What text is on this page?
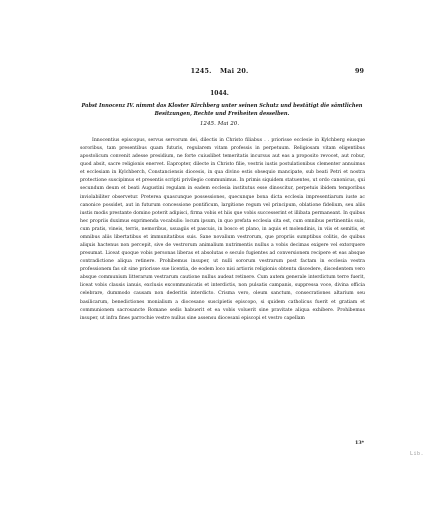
1245. Mai 20.	99
1044.
Pabst Innocenz IV. nimmt das Kloster Kirchberg unter seinen Schutz und bestätigt die sämtlichen Besitzungen, Rechte und Freiheiten desselben.
1245. Mai 20.

Innocentius episcopus, servus servorum dei, dilectis in Christo filiabus . . priorisse ecclesie in Kylchberg eiusque sororibus, tam presentibus quam futuris, regularem vitam professis in perpetuum. Religiosam vitam eligentibus apostolicum convenit adesse presidium, ne forte cuiuslibet temeritatis incursus aut eas a proposito revocet, aut robur, quod absit, sacre religionis enervet. Eapropter, dilecte in Christo filie, vestris iustis postulationibus clementer annuimus et ecclesiam in Kylchberch, Constanciensis diocesis, in qua divino estis obsequio mancipate, sub beati Petri et nostra protectione suscipimus et presentis scripti privilegio communimus. In primis siquidem statuentes, ut ordo canonicus, qui secundum deum et beati Augustini regulam in eadem ecclesia institutus esse dinoscitur, perpetuis ibidem temporibus inviolabiliter observetur. Preterea quascunque possessiones, quecunque bona dicta ecclesia impresentiarum iuste ac canonice possidet, aut in futurum concessione pontificum, largitione regum vel principum, oblatione fidelium, seu aliis iustis modis prestante domino poterit adipisci, firma vobis et hiis que vobis successerint et illibata permaneant. In quibus hec propriis duximus exprimenda vocabulis: locum ipsum, in quo prefata ecclesia sita est, cum omnibus pertinentiis suis, cum pratis, vineis, terris, nemoribus, usuagiis et pascuis, in bosco et plano, in aquis et molendinis, in viis et semitis, et omnibus aliis libertatibus et immunitatibus suis. Sane novalium vestrorum, que propriis sumptibus colitis, de quibus aliquis hactenus non percepit, sive de vestrorum animalium nutrimentis nullus a vobis decimas exigere vel extorquere presumat. Liceat quoque vobis personas liberas et absolutas e seculo fugientes ad conversionem recipere et eas absque contradictione aliqua retinere. Prohibemus insuper, ut nulli sororum vestrarum post factam in ecclesia vestra professionem fas sit sine priorisse sue licentia, de eodem loco nisi artioris religionis obtentu discedere, discedentem vero absque communium litterarum vestrarum cautione nullus audeat retinere. Cum autem generale interdictum terre fuerit, liceat vobis clausis ianuis, exclusis excommunicatis et interdictis, non pulsatis campanis, suppressa voce, divina officia celebrare, dummodo causam non dederitis interdicto. Crisma vero, oleum sanctum, consecrationes altarium seu basilicarum, benedictiones monialium a diocesano suscipietis episcopo, si quidem catholicus fuerit et gratiam et communionem sacrosancte Romane sedis habuerit et ea vobis voluerit sine pravitate aliqua exhibere. Prohibemus insuper, ut infra fines parrochie vestre nullus sine assensu diocesani episcopi et vestro capellam

13*
Lib.
